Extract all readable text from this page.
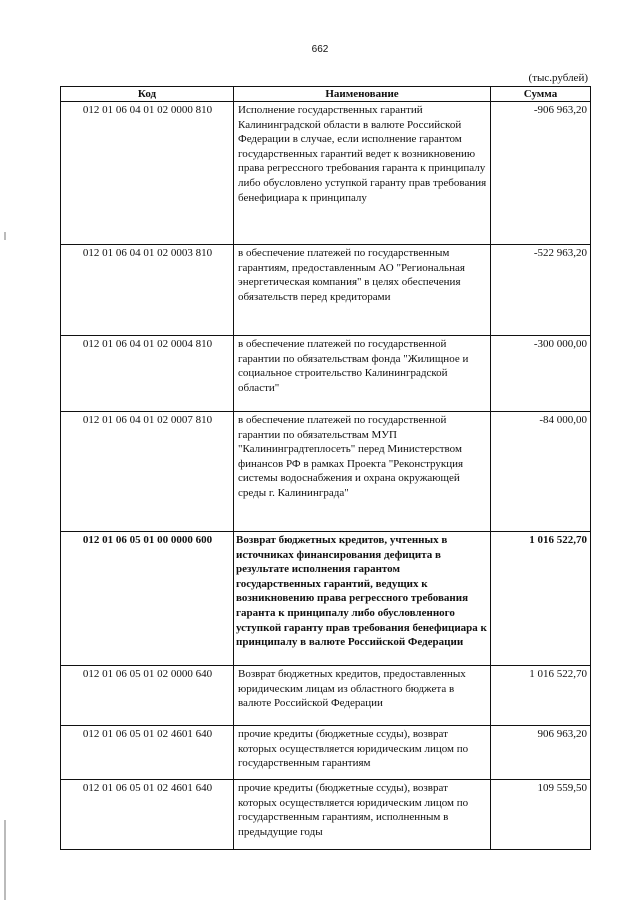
662
(тыс.рублей)
Код	Наименование	Сумма
012 01 06 04 01 02 0000 810	Исполнение государственных гарантий Калининградской области в валюте Российской Федерации в случае, если исполнение гарантом государственных гарантий ведет к возникновению права регрессного требования гаранта к принципалу либо обусловлено уступкой гаранту прав требования бенефициара к принципалу	-906 963,20
012 01 06 04 01 02 0003 810	в обеспечение платежей по государственным гарантиям, предоставленным АО "Региональная энергетическая компания" в целях обеспечения обязательств перед кредиторами	-522 963,20
012 01 06 04 01 02 0004 810	в обеспечение платежей по государственной гарантии по обязательствам фонда "Жилищное и социальное строительство Калининградской области"	-300 000,00
012 01 06 04 01 02 0007 810	в обеспечение платежей по государственной гарантии по обязательствам МУП "Калининградтеплосеть" перед Министерством финансов РФ в рамках Проекта "Реконструкция системы водоснабжения и охрана окружающей среды г. Калининграда"	-84 000,00
012 01 06 05 01 00 0000 600	Возврат бюджетных кредитов, учтенных в источниках финансирования дефицита в результате исполнения гарантом государственных гарантий, ведущих к возникновению права регрессного требования гаранта к принципалу либо обусловленного уступкой гаранту прав требования бенефициара к принципалу в валюте Российской Федерации	1 016 522,70
012 01 06 05 01 02 0000 640	Возврат бюджетных кредитов, предоставленных юридическим лицам из областного бюджета в валюте Российской Федерации	1 016 522,70
012 01 06 05 01 02 4601 640	прочие кредиты (бюджетные ссуды), возврат которых осуществляется юридическим лицом по государственным гарантиям	906 963,20
012 01 06 05 01 02 4601 640	прочие кредиты (бюджетные ссуды), возврат которых осуществляется юридическим лицом по государственным гарантиям, исполненным в предыдущие годы	109 559,50
